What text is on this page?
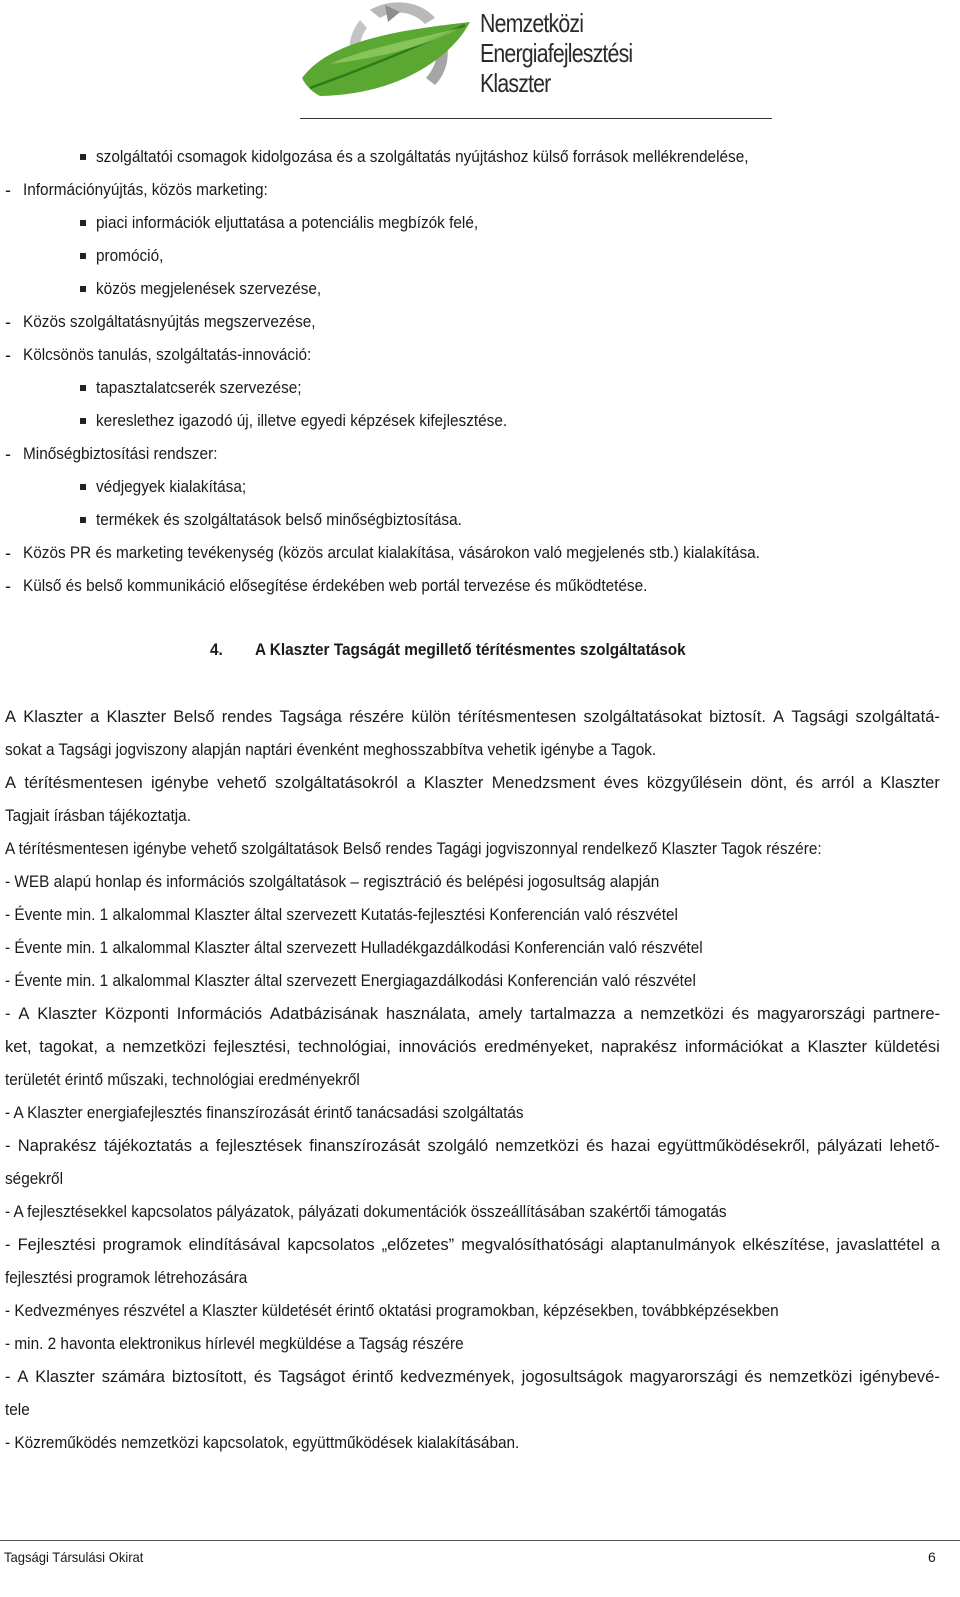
Nemzetközi
Energiafejlesztési
Klaszter
szolgáltatói csomagok kidolgozása és a szolgáltatás nyújtáshoz külső források mellékrendelése,
- Információnyújtás, közös marketing:
piaci információk eljuttatása a potenciális megbízók felé,
promóció,
közös megjelenések szervezése,
- Közös szolgáltatásnyújtás megszervezése,
- Kölcsönös tanulás, szolgáltatás-innováció:
tapasztalatcserék szervezése;
kereslethez igazodó új, illetve egyedi képzések kifejlesztése.
- Minőségbiztosítási rendszer:
védjegyek kialakítása;
termékek és szolgáltatások belső minőségbiztosítása.
- Közös PR és marketing tevékenység (közös arculat kialakítása, vásárokon való megjelenés stb.) kialakítása.
- Külső és belső kommunikáció elősegítése érdekében web portál tervezése és működtetése.
4. A Klaszter Tagságát megillető térítésmentes szolgáltatások
A Klaszter a Klaszter Belső rendes Tagsága részére külön térítésmentesen szolgáltatásokat biztosít. A Tagsági szolgáltatá-
sokat a Tagsági jogviszony alapján naptári évenként meghosszabbítva vehetik igénybe a Tagok.
A térítésmentesen igénybe vehető szolgáltatásokról a Klaszter Menedzsment éves közgyűlésein dönt, és arról a Klaszter
Tagjait írásban tájékoztatja.
A térítésmentesen igénybe vehető szolgáltatások Belső rendes Tagági jogviszonnyal rendelkező Klaszter Tagok részére:
- WEB alapú honlap és információs szolgáltatások – regisztráció és belépési jogosultság alapján
- Évente min. 1 alkalommal Klaszter által szervezett Kutatás-fejlesztési Konferencián való részvétel
- Évente min. 1 alkalommal Klaszter által szervezett Hulladékgazdálkodási Konferencián való részvétel
- Évente min. 1 alkalommal Klaszter által szervezett Energiagazdálkodási Konferencián való részvétel
- A Klaszter Központi Információs Adatbázisának használata, amely tartalmazza a nemzetközi és magyarországi partnere-
ket, tagokat, a nemzetközi fejlesztési, technológiai, innovációs eredményeket, naprakész információkat a Klaszter küldetési
területét érintő műszaki, technológiai eredményekről
- A Klaszter energiafejlesztés finanszírozását érintő tanácsadási szolgáltatás
- Naprakész tájékoztatás a fejlesztések finanszírozását szolgáló nemzetközi és hazai együttműködésekről, pályázati lehető-
ségekről
- A fejlesztésekkel kapcsolatos pályázatok, pályázati dokumentációk összeállításában szakértői támogatás
- Fejlesztési programok elindításával kapcsolatos „előzetes” megvalósíthatósági alaptanulmányok elkészítése, javaslattétel a
fejlesztési programok létrehozására
- Kedvezményes részvétel a Klaszter küldetését érintő oktatási programokban, képzésekben, továbbképzésekben
- min. 2 havonta elektronikus hírlevél megküldése a Tagság részére
- A Klaszter számára biztosított, és Tagságot érintő kedvezmények, jogosultságok magyarországi és nemzetközi igénybevé-
tele
- Közreműködés nemzetközi kapcsolatok, együttműködések kialakításában.
Tagsági Társulási Okirat	6
